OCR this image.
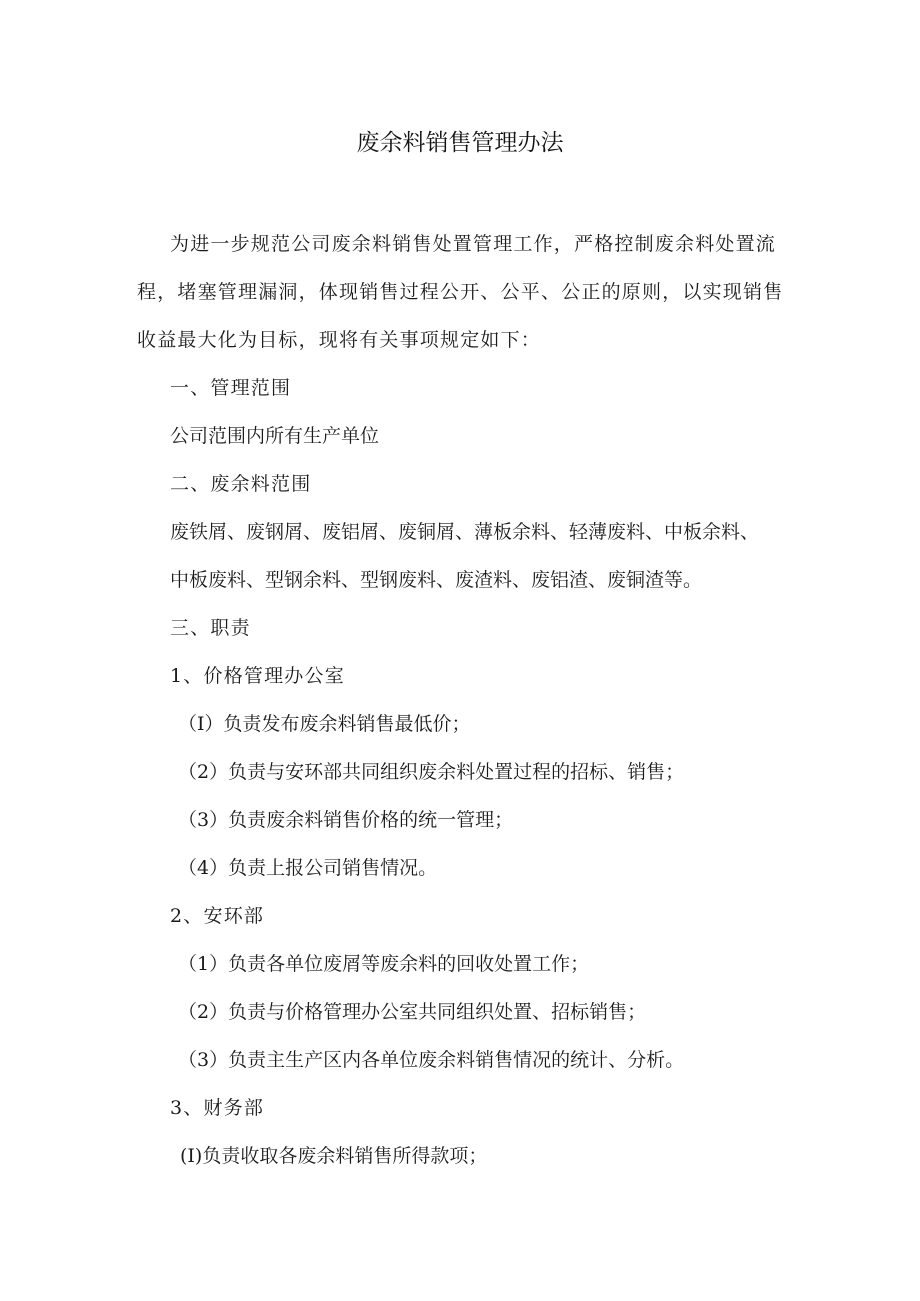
废余料销售管理办法
为进一步规范公司废余料销售处置管理工作，严格控制废余料处置流
程，堵塞管理漏洞，体现销售过程公开、公平、公正的原则，以实现销售
收益最大化为目标，现将有关事项规定如下：
一、管理范围
公司范围内所有生产单位
二、废余料范围
废铁屑、废钢屑、废铝屑、废铜屑、薄板余料、轻薄废料、中板余料、
中板废料、型钢余料、型钢废料、废渣料、废铝渣、废铜渣等。
三、职责
1、价格管理办公室
（I）负责发布废余料销售最低价；
（2）负责与安环部共同组织废余料处置过程的招标、销售；
（3）负责废余料销售价格的统一管理；
（4）负责上报公司销售情况。
2、安环部
（1）负责各单位废屑等废余料的回收处置工作；
（2）负责与价格管理办公室共同组织处置、招标销售；
（3）负责主生产区内各单位废余料销售情况的统计、分析。
3、财务部
(I)负责收取各废余料销售所得款项；
